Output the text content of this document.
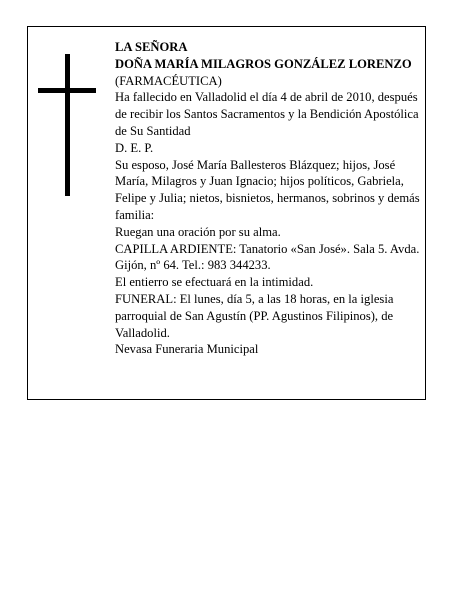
LA SEÑORA

DOÑA MARÍA MILAGROS GONZÁLEZ LORENZO

(FARMACÉUTICA)

Ha fallecido en Valladolid el día 4 de abril de 2010, después de recibir los Santos Sacramentos y la Bendición Apostólica de Su Santidad

D. E. P.

Su esposo, José María Ballesteros Blázquez; hijos, José María, Milagros y Juan Ignacio; hijos políticos, Gabriela, Felipe y Julia; nietos, bisnietos, hermanos, sobrinos y demás familia:

Ruegan una oración por su alma.

CAPILLA ARDIENTE: Tanatorio «San José». Sala 5. Avda. Gijón, nº 64. Tel.: 983 344233.

El entierro se efectuará en la intimidad.

FUNERAL: El lunes, día 5, a las 18 horas, en la iglesia parroquial de San Agustín (PP. Agustinos Filipinos), de Valladolid.

Nevasa Funeraria Municipal
